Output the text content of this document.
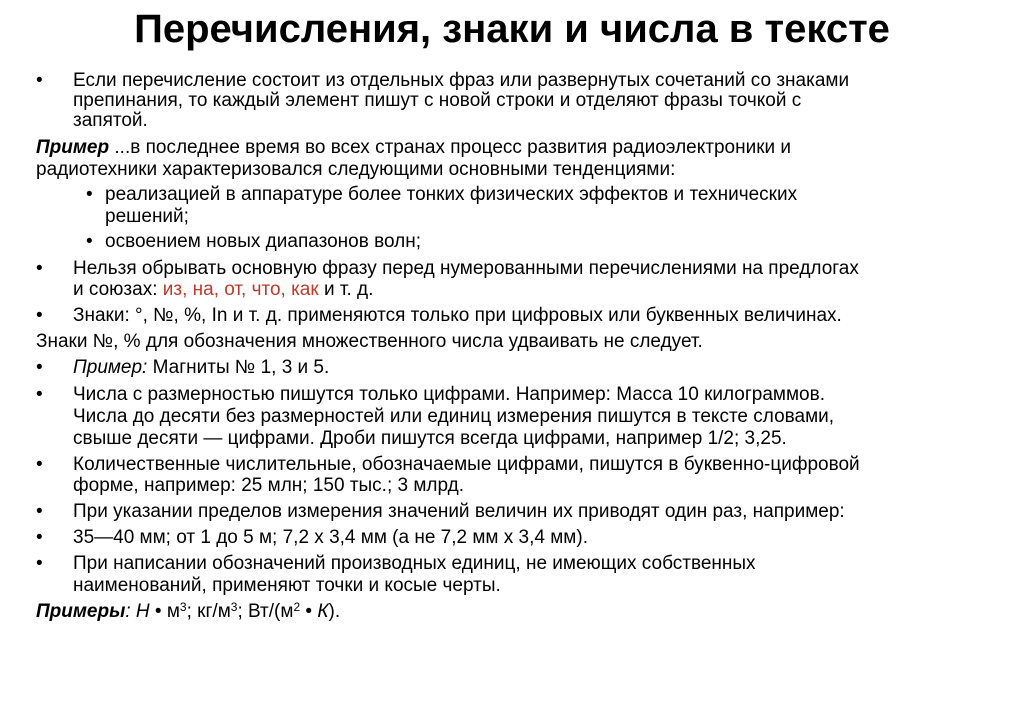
Перечисления, знаки и числа в тексте
• Если перечисление состоит из отдельных фраз или развернутых сочетаний со знаками
препинания, то каждый элемент пишут с новой строки и отделяют фразы точкой с
запятой.
Пример ...в последнее время во всех странах процесс развития радиоэлектроники и
радиотехники характеризовался следующими основными тенденциями:
• реализацией в аппаратуре более тонких физических эффектов и технических
решений;
• освоением новых диапазонов волн;
• Нельзя обрывать основную фразу перед нумерованными перечислениями на предлогах
и союзах: из, на, от, что, как и т. д.
• Знаки: °, №, %, In и т. д. применяются только при цифровых или буквенных величинах.
Знаки №, % для обозначения множественного числа удваивать не следует.
• Пример: Магниты № 1, 3 и 5.
• Числа с размерностью пишутся только цифрами. Например: Масса 10 килограммов.
Числа до десяти без размерностей или единиц измерения пишутся в тексте словами,
свыше десяти — цифрами. Дроби пишутся всегда цифрами, например 1/2; 3,25.
• Количественные числительные, обозначаемые цифрами, пишутся в буквенно-цифровой
форме, например: 25 млн; 150 тыс.; 3 млрд.
• При указании пределов измерения значений величин их приводят один раз, например:
• 35—40 мм; от 1 до 5 м; 7,2 х 3,4 мм (а не 7,2 мм х 3,4 мм).
• При написании обозначений производных единиц, не имеющих собственных
наименований, применяют точки и косые черты.
Примеры: Н • $м^3$; $кг/м^3$; $Вт/(м^2$ • К).
